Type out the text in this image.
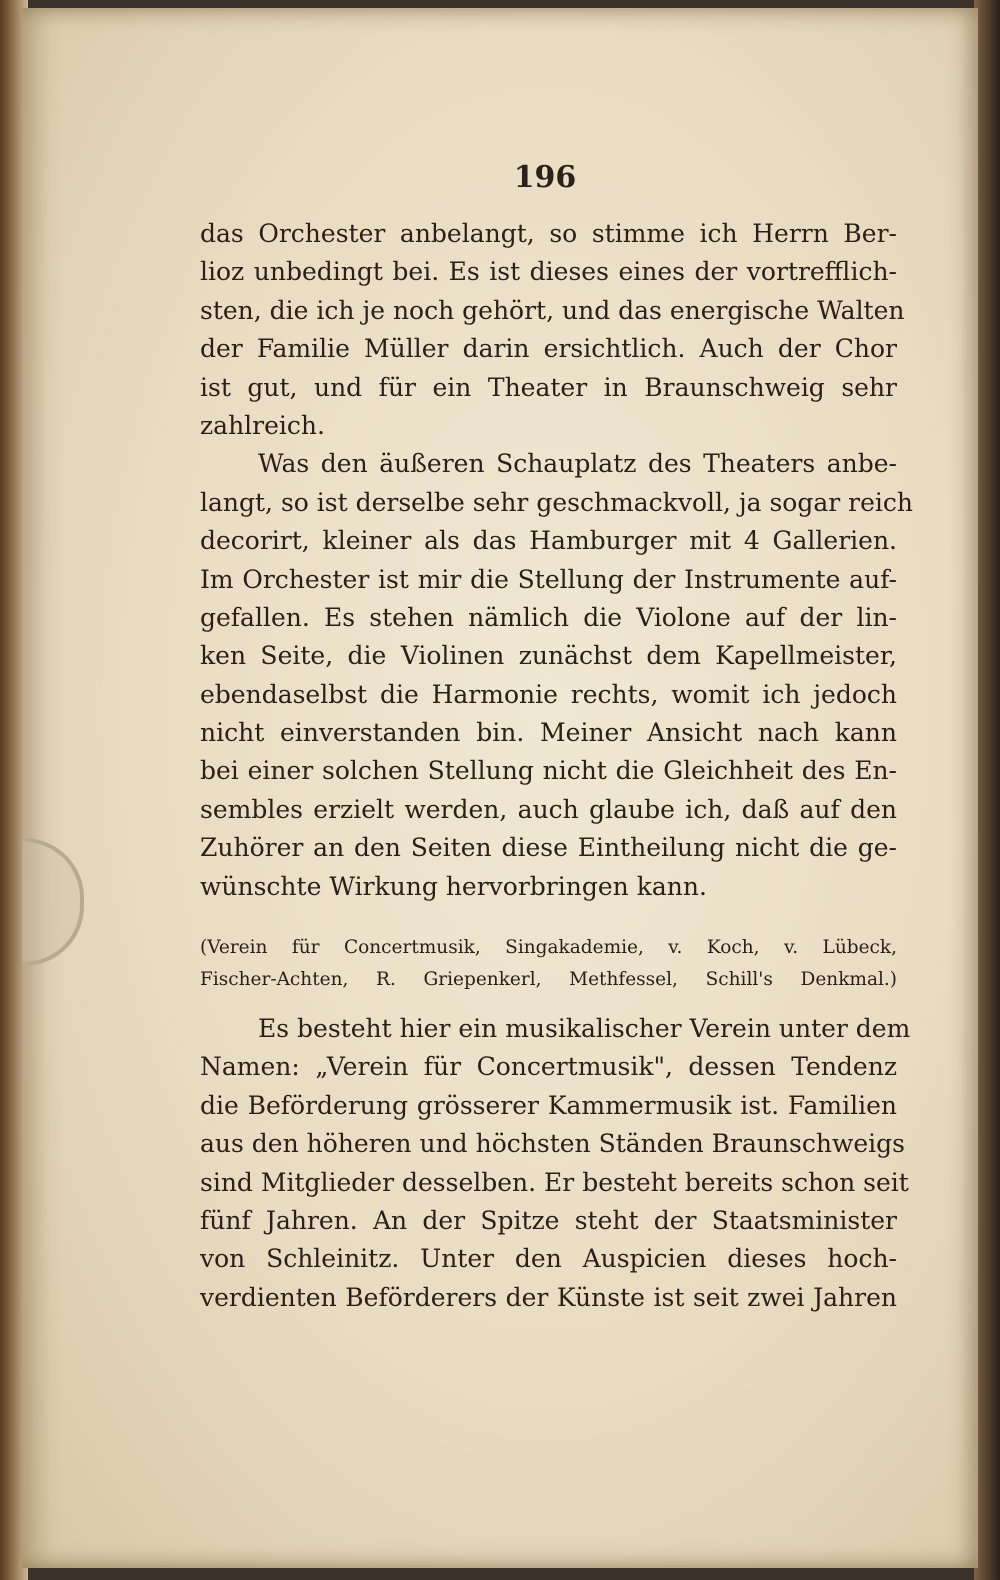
196
das Orchester anbelangt, so stimme ich Herrn Ber-
lioz unbedingt bei. Es ist dieses eines der vortrefflich-
sten, die ich je noch gehört, und das energische Walten
der Familie Müller darin ersichtlich. Auch der Chor
ist gut, und für ein Theater in Braunschweig sehr
zahlreich.
Was den äußeren Schauplatz des Theaters anbe-
langt, so ist derselbe sehr geschmackvoll, ja sogar reich
decorirt, kleiner als das Hamburger mit 4 Gallerien.
Im Orchester ist mir die Stellung der Instrumente auf-
gefallen. Es stehen nämlich die Violone auf der lin-
ken Seite, die Violinen zunächst dem Kapellmeister,
ebendaselbst die Harmonie rechts, womit ich jedoch
nicht einverstanden bin. Meiner Ansicht nach kann
bei einer solchen Stellung nicht die Gleichheit des En-
sembles erzielt werden, auch glaube ich, daß auf den
Zuhörer an den Seiten diese Eintheilung nicht die ge-
wünschte Wirkung hervorbringen kann.
(Verein für Concertmusik, Singakademie, v. Koch, v. Lübeck,
Fischer-Achten, R. Griepenkerl, Methfessel, Schill's Denkmal.)
Es besteht hier ein musikalischer Verein unter dem
Namen: „Verein für Concertmusik", dessen Tendenz
die Beförderung grösserer Kammermusik ist. Familien
aus den höheren und höchsten Ständen Braunschweigs
sind Mitglieder desselben. Er besteht bereits schon seit
fünf Jahren. An der Spitze steht der Staatsminister
von Schleinitz. Unter den Auspicien dieses hoch-
verdienten Beförderers der Künste ist seit zwei Jahren
